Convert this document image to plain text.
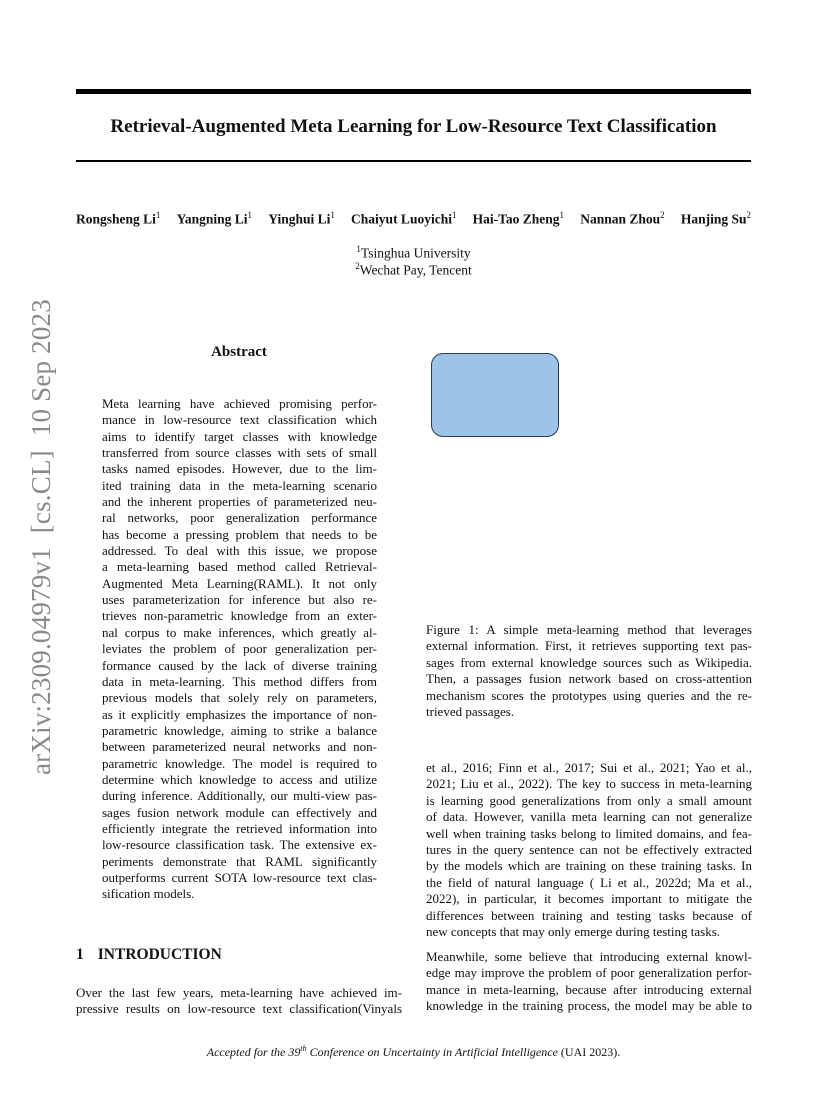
Retrieval-Augmented Meta Learning for Low-Resource Text Classification
Rongsheng Li$^1$ Yangning Li$^1$ Yinghui Li$^1$ Chaiyut Luoyichi$^1$ Hai-Tao Zheng$^1$ Nannan Zhou$^2$ Hanjing Su$^2$
$^1$Tsinghua University
$^2$Wechat Pay, Tencent
arXiv:2309.04979v1  [cs.CL]  10 Sep 2023	Abstract
Meta learning have achieved promising perfor-
mance in low-resource text classification which
aims to identify target classes with knowledge
transferred from source classes with sets of small
tasks named episodes. However, due to the lim-
ited training data in the meta-learning scenario
and the inherent properties of parameterized neu-
ral networks, poor generalization performance
has become a pressing problem that needs to be
addressed. To deal with this issue, we propose
a meta-learning based method called Retrieval-
Augmented Meta Learning(RAML). It not only
uses parameterization for inference but also re-
trieves non-parametric knowledge from an exter-
nal corpus to make inferences, which greatly al-
leviates the problem of poor generalization per-
formance caused by the lack of diverse training
data in meta-learning. This method differs from
previous models that solely rely on parameters,
as it explicitly emphasizes the importance of non-
parametric knowledge, aiming to strike a balance
between parameterized neural networks and non-
parametric knowledge. The model is required to
determine which knowledge to access and utilize
during inference. Additionally, our multi-view pas-
sages fusion network module can effectively and
efficiently integrate the retrieved information into
low-resource classification task. The extensive ex-
periments demonstrate that RAML significantly
outperforms current SOTA low-resource text clas-
sification models.
Figure 1: A simple meta-learning method that leverages
external information. First, it retrieves supporting text pas-
sages from external knowledge sources such as Wikipedia.
Then, a passages fusion network based on cross-attention
mechanism scores the prototypes using queries and the re-
trieved passages.
et al., 2016; Finn et al., 2017; Sui et al., 2021; Yao et al.,
2021; Liu et al., 2022). The key to success in meta-learning
is learning good generalizations from only a small amount
of data. However, vanilla meta learning can not generalize
well when training tasks belong to limited domains, and fea-
tures in the query sentence can not be effectively extracted
by the models which are training on these training tasks. In
the field of natural language ( Li et al., 2022d; Ma et al.,
2022), in particular, it becomes important to mitigate the
differences between training and testing tasks because of
new concepts that may only emerge during testing tasks.
Meanwhile, some believe that introducing external knowl-
edge may improve the problem of poor generalization perfor-
mance in meta-learning, because after introducing external
knowledge in the training process, the model may be able to
1 INTRODUCTION
Over the last few years, meta-learning have achieved im-
pressive results on low-resource text classification(Vinyals
Accepted for the 39th Conference on Uncertainty in Artificial Intelligence (UAI 2023).
